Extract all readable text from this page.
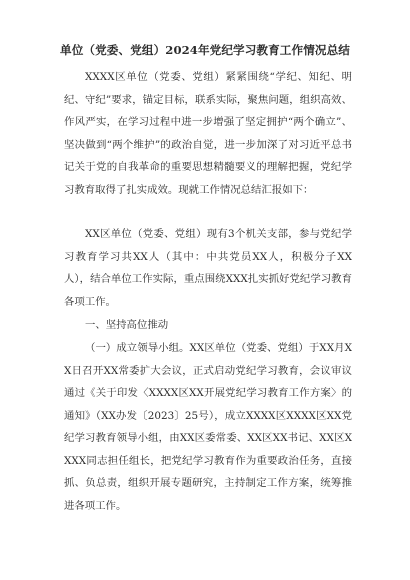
单位（党委、党组）2024年党纪学习教育工作情况总结

XXXX区单位（党委、党组）紧紧围绕“学纪、知纪、明纪、守纪”要求，锚定目标，联系实际，聚焦问题，组织高效、作风严实，在学习过程中进一步增强了坚定拥护“两个确立”、坚决做到“两个维护”的政治自觉，进一步加深了对习近平总书记关于党的自我革命的重要思想精髓要义的理解把握，党纪学习教育取得了扎实成效。现就工作情况总结汇报如下：

XX区单位（党委、党组）现有3个机关支部，参与党纪学习教育学习共XX人（其中：中共党员XX人，积极分子XX人），结合单位工作实际，重点围绕XXX扎实抓好党纪学习教育各项工作。

一、坚持高位推动

（一）成立领导小组。XX区单位（党委、党组）于XX月XX日召开XX常委扩大会议，正式启动党纪学习教育，会议审议通过《关于印发〈XXXX区XX开展党纪学习教育工作方案〉的通知》（XX办发〔2023〕25号），成立XXXX区XXXX区XX党纪学习教育领导小组，由XX区委常委、XX区XX书记、XX区XXXX同志担任组长，把党纪学习教育作为重要政治任务，直接抓、负总责，组织开展专题研究，主持制定工作方案，统筹推进各项工作。
